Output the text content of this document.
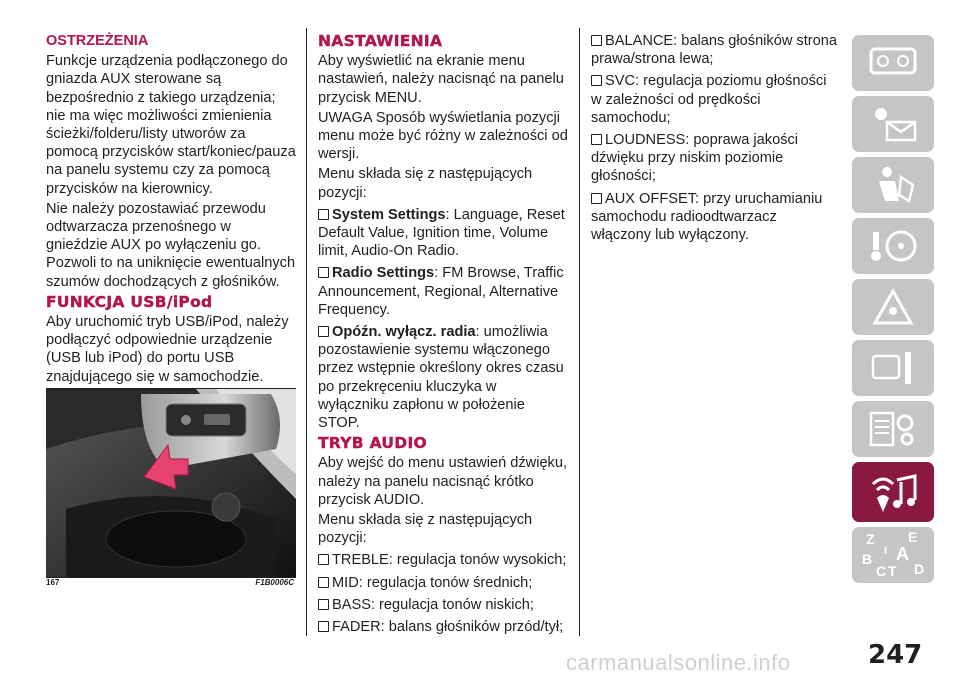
OSTRZEŻENIA

Funkcje urządzenia podłączonego do gniazda AUX sterowane są bezpośrednio z takiego urządzenia; nie ma więc możliwości zmienienia ścieżki/folderu/listy utworów za pomocą przycisków start/koniec/pauza na panelu systemu czy za pomocą przycisków na kierownicy.

Nie należy pozostawiać przewodu odtwarzacza przenośnego w gnieździe AUX po wyłączeniu go. Pozwoli to na uniknięcie ewentualnych szumów dochodzących z głośników.

FUNKCJA USB/iPod

Aby uruchomić tryb USB/iPod, należy podłączyć odpowiednie urządzenie (USB lub iPod) do portu USB znajdującego się w samochodzie.

167	F1B0006C

NASTAWIENIA

Aby wyświetlić na ekranie menu nastawień, należy nacisnąć na panelu przycisk MENU.

UWAGA Sposób wyświetlania pozycji menu może być różny w zależności od wersji.

Menu składa się z następujących pozycji:

System Settings: Language, Reset Default Value, Ignition time, Volume limit, Audio-On Radio.

Radio Settings: FM Browse, Traffic Announcement, Regional, Alternative Frequency.

Opóźn. wyłącz. radia: umożliwia pozostawienie systemu włączonego przez wstępnie określony okres czasu po przekręceniu kluczyka w wyłączniku zapłonu w położenie STOP.

TRYB AUDIO

Aby wejść do menu ustawień dźwięku, należy na panelu nacisnąć krótko przycisk AUDIO.

Menu składa się z następujących pozycji:

TREBLE: regulacja tonów wysokich;

MID: regulacja tonów średnich;

BASS: regulacja tonów niskich;

FADER: balans głośników przód/tył;

BALANCE: balans głośników strona prawa/strona lewa;

SVC: regulacja poziomu głośności w zależności od prędkości samochodu;

LOUDNESS: poprawa jakości dźwięku przy niskim poziomie głośności;

AUX OFFSET: przy uruchamianiu samochodu radioodtwarzacz włączony lub wyłączony.

Z E
B A
C D
T
I
carmanualsonline.info	247
